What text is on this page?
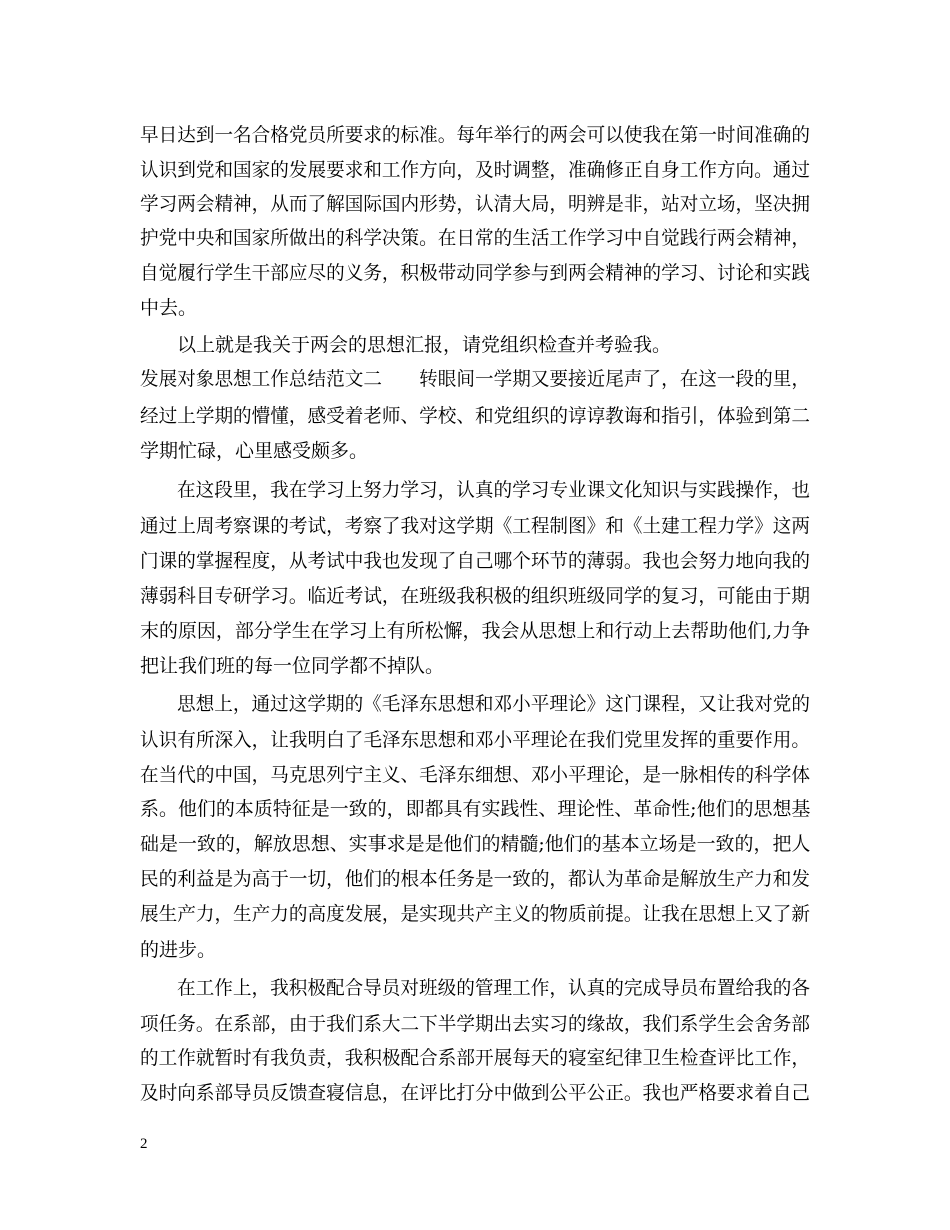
早日达到一名合格党员所要求的标准。每年举行的两会可以使我在第一时间准确的
认识到党和国家的发展要求和工作方向，及时调整，准确修正自身工作方向。通过
学习两会精神，从而了解国际国内形势，认清大局，明辨是非，站对立场，坚决拥
护党中央和国家所做出的科学决策。在日常的生活工作学习中自觉践行两会精神，
自觉履行学生干部应尽的义务，积极带动同学参与到两会精神的学习、讨论和实践
中去。
以上就是我关于两会的思想汇报，请党组织检查并考验我。
发展对象思想工作总结范文二　　转眼间一学期又要接近尾声了，在这一段的里，
经过上学期的懵懂，感受着老师、学校、和党组织的谆谆教诲和指引，体验到第二
学期忙碌，心里感受颇多。
在这段里，我在学习上努力学习，认真的学习专业课文化知识与实践操作，也
通过上周考察课的考试，考察了我对这学期《工程制图》和《土建工程力学》这两
门课的掌握程度，从考试中我也发现了自己哪个环节的薄弱。我也会努力地向我的
薄弱科目专研学习。临近考试，在班级我积极的组织班级同学的复习，可能由于期
末的原因，部分学生在学习上有所松懈，我会从思想上和行动上去帮助他们,力争
把让我们班的每一位同学都不掉队。
思想上，通过这学期的《毛泽东思想和邓小平理论》这门课程，又让我对党的
认识有所深入，让我明白了毛泽东思想和邓小平理论在我们党里发挥的重要作用。
在当代的中国，马克思列宁主义、毛泽东细想、邓小平理论，是一脉相传的科学体
系。他们的本质特征是一致的，即都具有实践性、理论性、革命性;他们的思想基
础是一致的，解放思想、实事求是是他们的精髓;他们的基本立场是一致的，把人
民的利益是为高于一切，他们的根本任务是一致的，都认为革命是解放生产力和发
展生产力，生产力的高度发展，是实现共产主义的物质前提。让我在思想上又了新
的进步。
在工作上，我积极配合导员对班级的管理工作，认真的完成导员布置给我的各
项任务。在系部，由于我们系大二下半学期出去实习的缘故，我们系学生会舍务部
的工作就暂时有我负责，我积极配合系部开展每天的寝室纪律卫生检查评比工作，
及时向系部导员反馈查寝信息，在评比打分中做到公平公正。我也严格要求着自己
2
